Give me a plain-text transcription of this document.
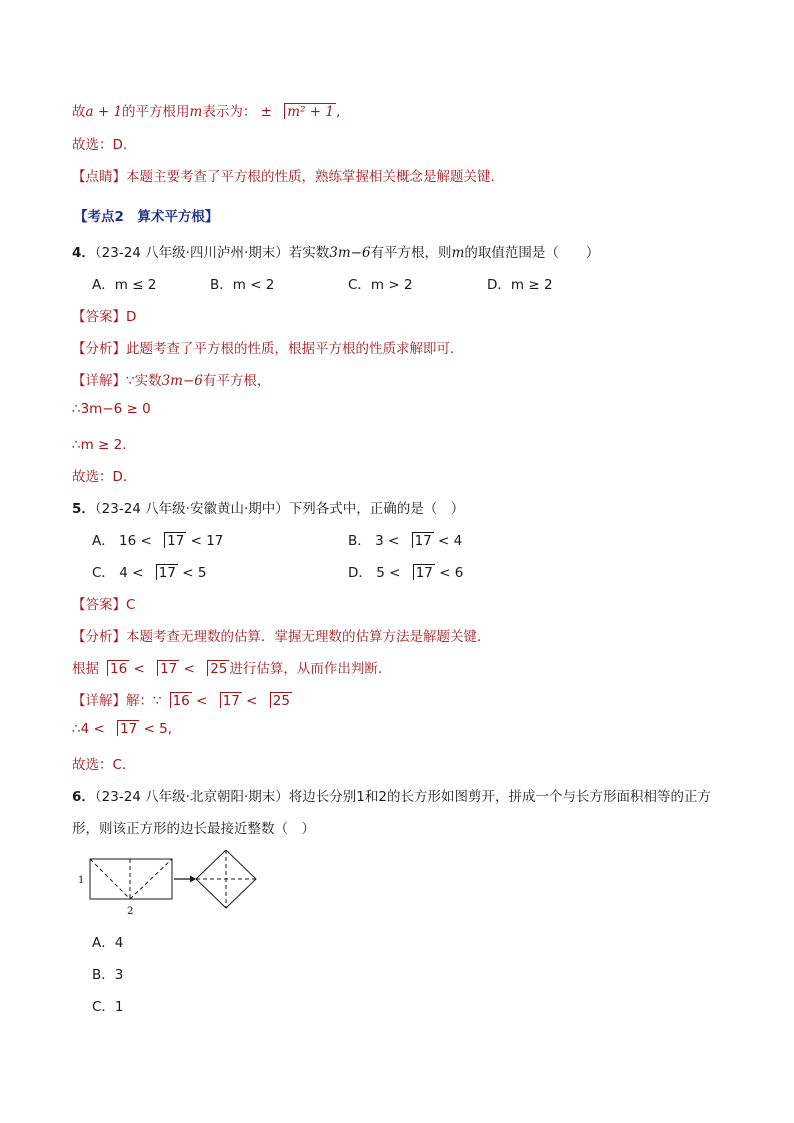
故a + 1的平方根用m表示为： ± m² + 1 ,
故选：D.
【点睛】本题主要考查了平方根的性质，熟练掌握相关概念是解题关键.
【考点2　算术平方根】
4．（23-24 八年级·四川泸州·期末）若实数3m−6有平方根，则m的取值范围是（　　）
A．m ≤ 2	B．m < 2	C．m > 2	D．m ≥ 2
【答案】D
【分析】此题考查了平方根的性质，根据平方根的性质求解即可．
【详解】∵实数3m−6有平方根，
∴3m−6 ≥ 0
∴m ≥ 2．
故选：D．
5．（23-24 八年级·安徽黄山·期中）下列各式中，正确的是（　）
A． 16 < 17 < 17	B． 3 < 17 < 4
C． 4 < 17 < 5	D． 5 < 17 < 6
【答案】C
【分析】本题考查无理数的估算．掌握无理数的估算方法是解题关键．
根据 16 < 17 < 25 进行估算，从而作出判断．
【详解】解：∵ 16 < 17 < 25
∴4 < 17 < 5,
故选：C．
6．（23-24 八年级·北京朝阳·期末）将边长分别1和2的长方形如图剪开，拼成一个与长方形面积相等的正方
形，则该正方形的边长最接近整数（　）
1
2
A．4
B．3
C．1
